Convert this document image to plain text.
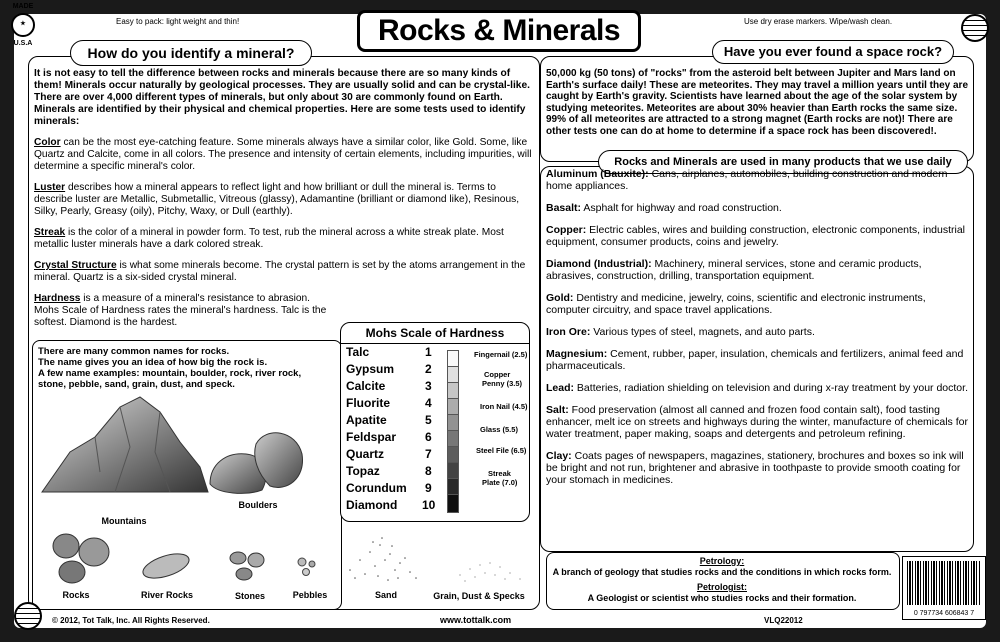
MADE
★
U.S.A
Easy to pack: light weight and thin!	Use dry erase markers. Wipe/wash clean.
Rocks & Minerals
How do you identify a mineral?

It is not easy to tell the difference between rocks and minerals because there are so many kinds of them! Minerals occur naturally by geological processes. They are usually solid and can be crystal-like. There are over 4,000 different types of minerals, but only about 30 are commonly found on Earth. Minerals are identified by their physical and chemical properties. Here are some tests used to identify minerals:

Color can be the most eye-catching feature. Some minerals always have a similar color, like Gold. Some, like Quartz and Calcite, come in all colors. The presence and intensity of certain elements, including impurities, will determine a specific mineral's color.

Luster describes how a mineral appears to reflect light and how brilliant or dull the mineral is. Terms to describe luster are Metallic, Submetallic, Vitreous (glassy), Adamantine (brilliant or diamond like), Resinous, Silky, Pearly, Greasy (oily), Pitchy, Waxy, or Dull (earthly).

Streak is the color of a mineral in powder form. To test, rub the mineral across a white streak plate. Most metallic luster minerals have a dark colored streak.

Crystal Structure is what some minerals become. The crystal pattern is set by the atoms arrangement in the mineral. Quartz is a six-sided crystal mineral.

Hardness is a measure of a mineral's resistance to abrasion. Mohs Scale of Hardness rates the mineral's hardness. Talc is the softest. Diamond is the hardest.

There are many common names for rocks.
The name gives you an idea of how big the rock is.
A few name examples: mountain, boulder, rock, river rock,
stone, pebble, sand, grain, dust, and speck.
Mountains
Boulders
Rocks	River Rocks	Stones	Pebbles	Sand	Grain, Dust & Specks
Mohs Scale of Hardness
Talc	1
Gypsum	2
Calcite	3
Fluorite	4
Apatite	5
Feldspar 6
Quartz	7
Topaz	8
Corundum 9
Diamond 10
Fingernail (2.5)
Copper
Penny (3.5)
Iron Nail (4.5)
Glass (5.5)
Steel File (6.5)
Streak
Plate (7.0)
Have you ever found a space rock?
50,000 kg (50 tons) of "rocks" from the asteroid belt between Jupiter and Mars land on Earth's surface daily! These are meteorites. They may travel a million years until they are caught by Earth's gravity. Scientists have learned about the age of the solar system by studying meteorites. Meteorites are about 30% heavier than Earth rocks the same size. 99% of all meteorites are attracted to a strong magnet (Earth rocks are not)! There are other tests one can do at home to determine if a space rock has been discovered!.
Rocks and Minerals are used in many products that we use daily

Aluminum (Bauxite): Cans, airplanes, automobiles, building construction and modern home appliances.

Basalt: Asphalt for highway and road construction.

Copper: Electric cables, wires and building construction, electronic components, industrial equipment, consumer products, coins and jewelry.

Diamond (Industrial): Machinery, mineral services, stone and ceramic products, abrasives, construction, drilling, transportation equipment.

Gold: Dentistry and medicine, jewelry, coins, scientific and electronic instruments, computer circuitry, and space travel applications.

Iron Ore: Various types of steel, magnets, and auto parts.

Magnesium: Cement, rubber, paper, insulation, chemicals and fertilizers, animal feed and pharmaceuticals.

Lead: Batteries, radiation shielding on television and during x-ray treatment by your doctor.

Salt: Food preservation (almost all canned and frozen food contain salt), food tasting enhancer, melt ice on streets and highways during the winter, manufacture of chemicals for water treatment, paper making, soaps and detergents and petroleum refining.

Clay: Coats pages of newspapers, magazines, stationery, brochures and boxes so ink will be bright and not run, brightener and abrasive in toothpaste to provide smooth coating for your stomach in medicines.

Petrology:
A branch of geology that studies rocks and the conditions in which rocks form.
Petrologist:
A Geologist or scientist who studies rocks and their formation.
0 797734 606843 7
© 2012, Tot Talk, Inc. All Rights Reserved.	www.tottalk.com	VLQ22012
